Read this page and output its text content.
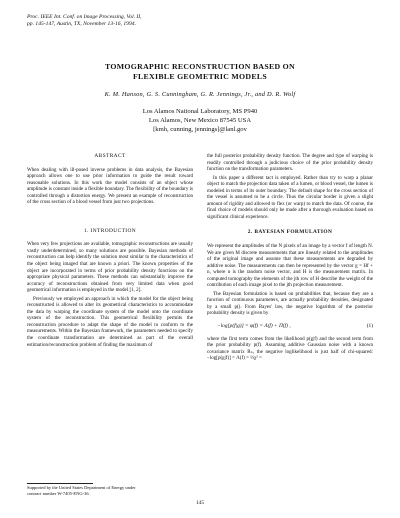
Proc. IEEE Int. Conf. on Image Processing, Vol. II,
pp. 145-147, Austin, TX, November 13-16, 1994.
TOMOGRAPHIC RECONSTRUCTION BASED ON
FLEXIBLE GEOMETRIC MODELS
K. M. Hanson, G. S. Cunningham, G. R. Jennings, Jr., and D. R. Wolf
Los Alamos National Laboratory, MS P940
Los Alamos, New Mexico 87545 USA
[kmh, cunning, jennings]@lanl.gov
ABSTRACT

When dealing with ill-posed inverse problems in data analysis, the Bayesian approach allows one to use prior information to guide the result toward reasonable solutions. In this work the model consists of an object whose amplitude is constant inside a flexible boundary. The flexibility of the boundary is controlled through a distortion energy. We present an example of reconstruction of the cross section of a blood vessel from just two projections.

1. INTRODUCTION

When very few projections are available, tomographic reconstructions are usually vastly underdetermined, so many solutions are possible. Bayesian methods of reconstruction can help identify the solution most similar to the characteristics of the object being imaged that are known a priori. The known properties of the object are incorporated in terms of prior probability density functions on the appropriate physical parameters. These methods can substantially improve the accuracy of reconstructions obtained from very limited data when good geometrical information is employed in the model [1, 2].

Previously we employed an approach in which the model for the object being reconstructed is allowed to alter its geometrical characteristics to accommodate the data by warping the coordinate system of the model onto the coordinate system of the reconstruction. This geometrical flexibility permits the reconstruction procedure to adapt the shape of the model to conform to the measurements. Within the Bayesian framework, the parameters needed to specify the coordinate transformation are determined as part of the overall estimation/reconstruction problem of finding the maximum of

the full posterior probability density function. The degree and type of warping is readily controlled through a judicious choice of the prior probability density function on the transformation parameters.

In this paper a different tact is employed. Rather than try to warp a planar object to match the projection data taken of a lumen, or blood vessel, the lumen is modeled in terms of its outer boundary. The default shape for the cross section of the vessel is assumed to be a circle. Thus the circular border is given a slight amount of rigidity and allowed to flex (or warp) to match the data. Of course, the final choice of models should only be made after a thorough evaluation based on significant clinical experience.

2. BAYESIAN FORMULATION

We represent the amplitudes of the N pixels of an image by a vector f of length N. We are given M discrete measurements that are linearly related to the amplitudes of the original image and assume that these measurements are degraded by additive noise. The measurements can then be represented by the vector g = Hf + n, where n is the random noise vector, and H is the measurement matrix. In computed tomography the elements of the jth row of H describe the weight of the contribution of each image pixel to the jth projection measurement.

The Bayesian formulation is based on probabilities that, because they are a function of continuous parameters, are actually probability densities, designated by a small p(). From Bayes' law, the negative logarithm of the posterior probability density is given by

−log[p(f|g)] = φ(f) = Λ(f) + Π(f) ,	(1)

where the first term comes from the likelihood p(g|f) and the second term from the prior probability p(f). Assuming additive Gaussian noise with a known covariance matrix Rₙ, the negative loglikelihood is just half of chi-squared: −log[p(g|f)] = Λ(f) = ½χ² =

Supported by the United States Department of Energy under
contract number W-7405-ENG-36.
145
